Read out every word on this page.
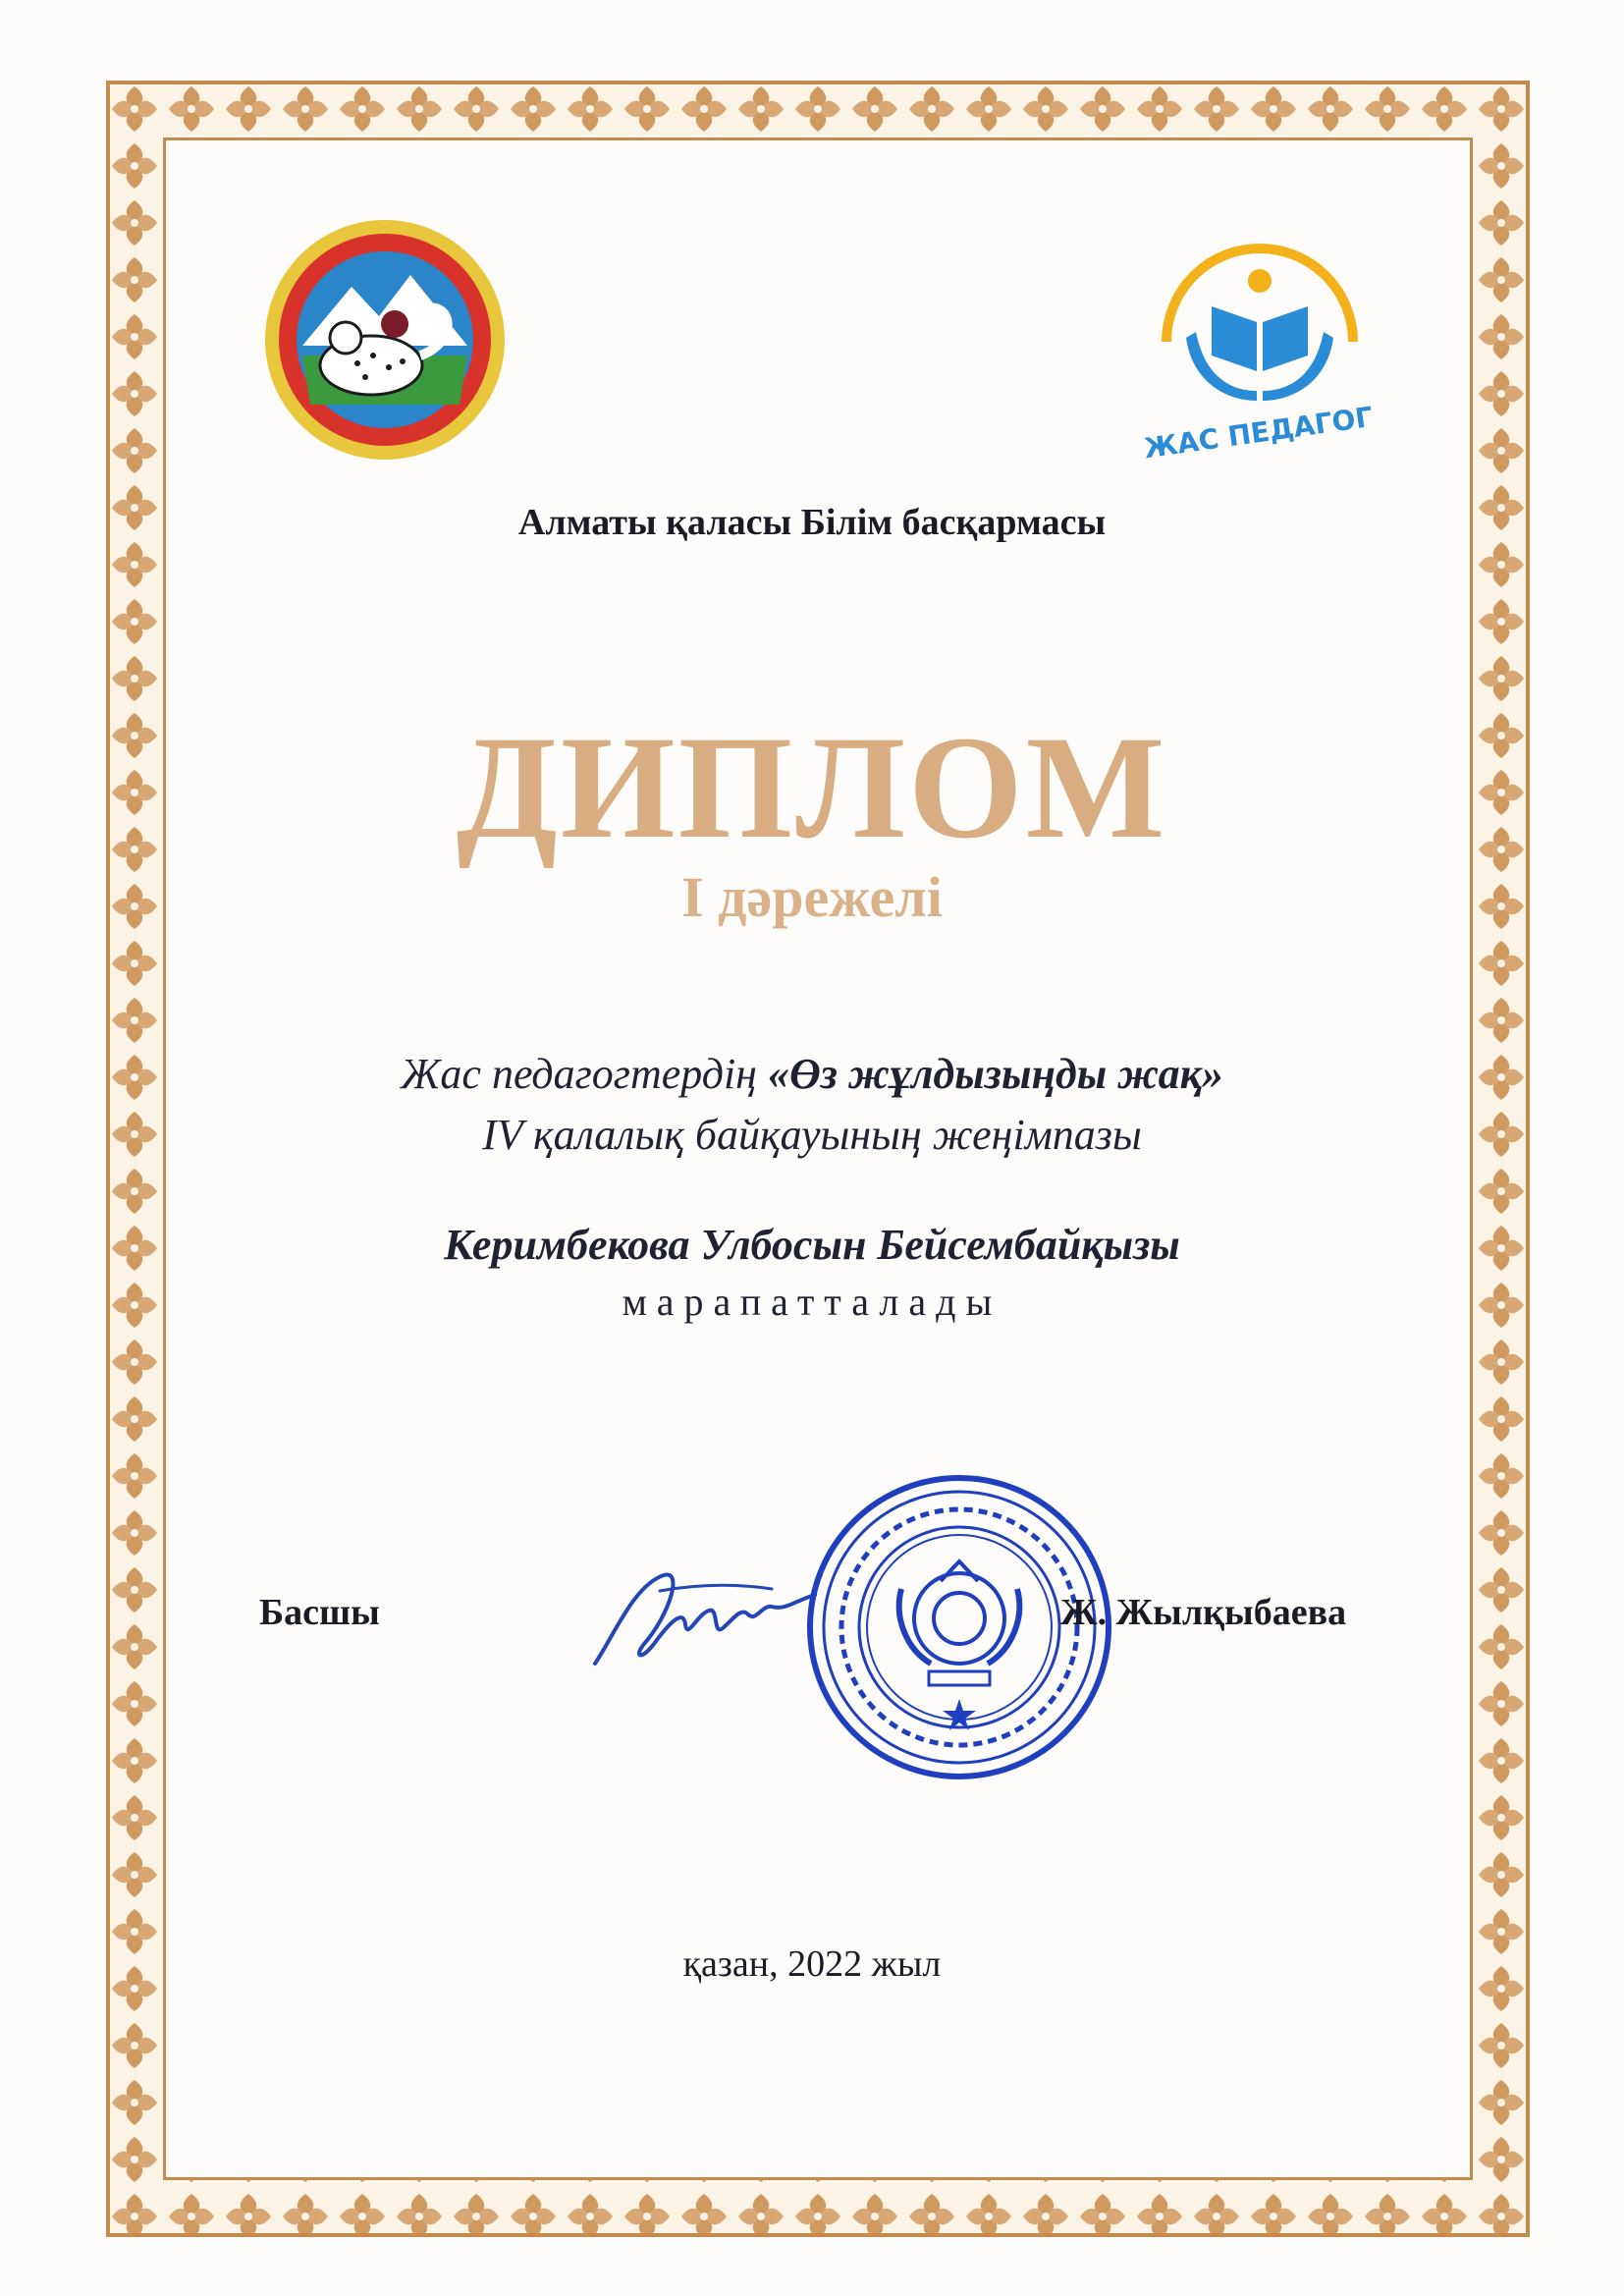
ЖАС ПЕДАГОГ
Алматы қаласы Білім басқармасы
ДИПЛОМ
І дәрежелі
Жас педагогтердің «Өз жұлдызыңды жақ»
IV қалалық байқауының жеңімпазы
Керимбекова Улбосын Бейсембайқызы
марапатталады
Басшы	Ж. Жылқыбаева
қазан, 2022 жыл
